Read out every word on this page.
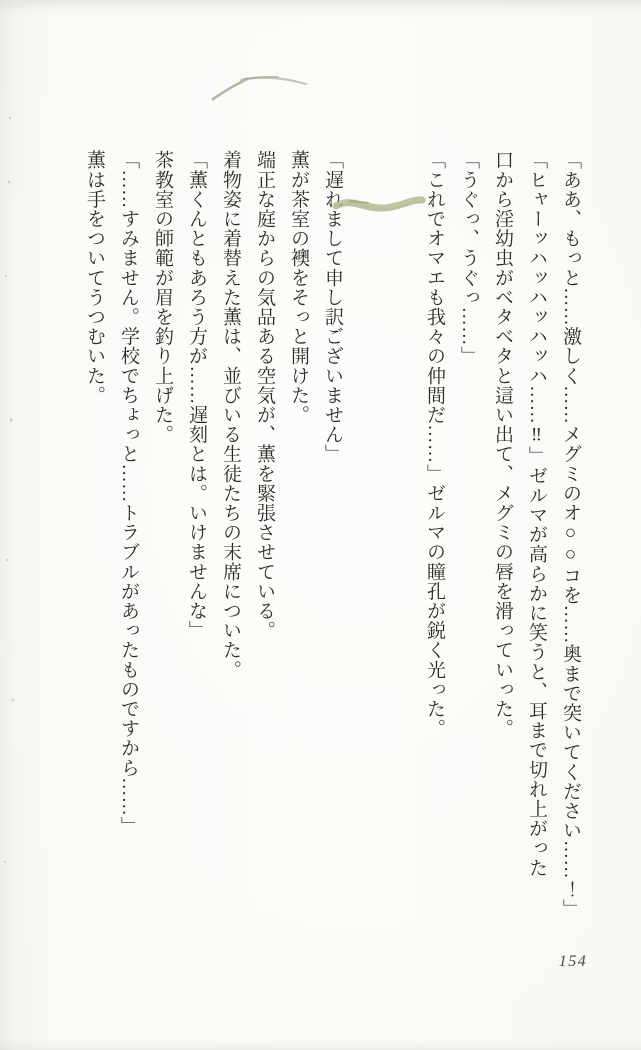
「ああ、もっと……激しく……メグミのオ○○コを……奥まで突いてください……！」
「ヒャーッハッハッハッハ……‼」ゼルマが高らかに笑うと、耳まで切れ上がった
口から淫幼虫がベタベタと這い出て、メグミの唇を滑っていった。
「うぐっ、うぐっ……」
「これでオマエも我々の仲間だ……」ゼルマの瞳孔が鋭く光った。
「遅れまして申し訳ございません」
薫が茶室の襖をそっと開けた。
端正な庭からの気品ある空気が、薫を緊張させている。
着物姿に着替えた薫は、並びいる生徒たちの末席についた。
「薫くんともあろう方が……遅刻とは。いけませんな」
茶教室の師範が眉を釣り上げた。
「……すみません。学校でちょっと……トラブルがあったものですから……」
薫は手をついてうつむいた。
154
